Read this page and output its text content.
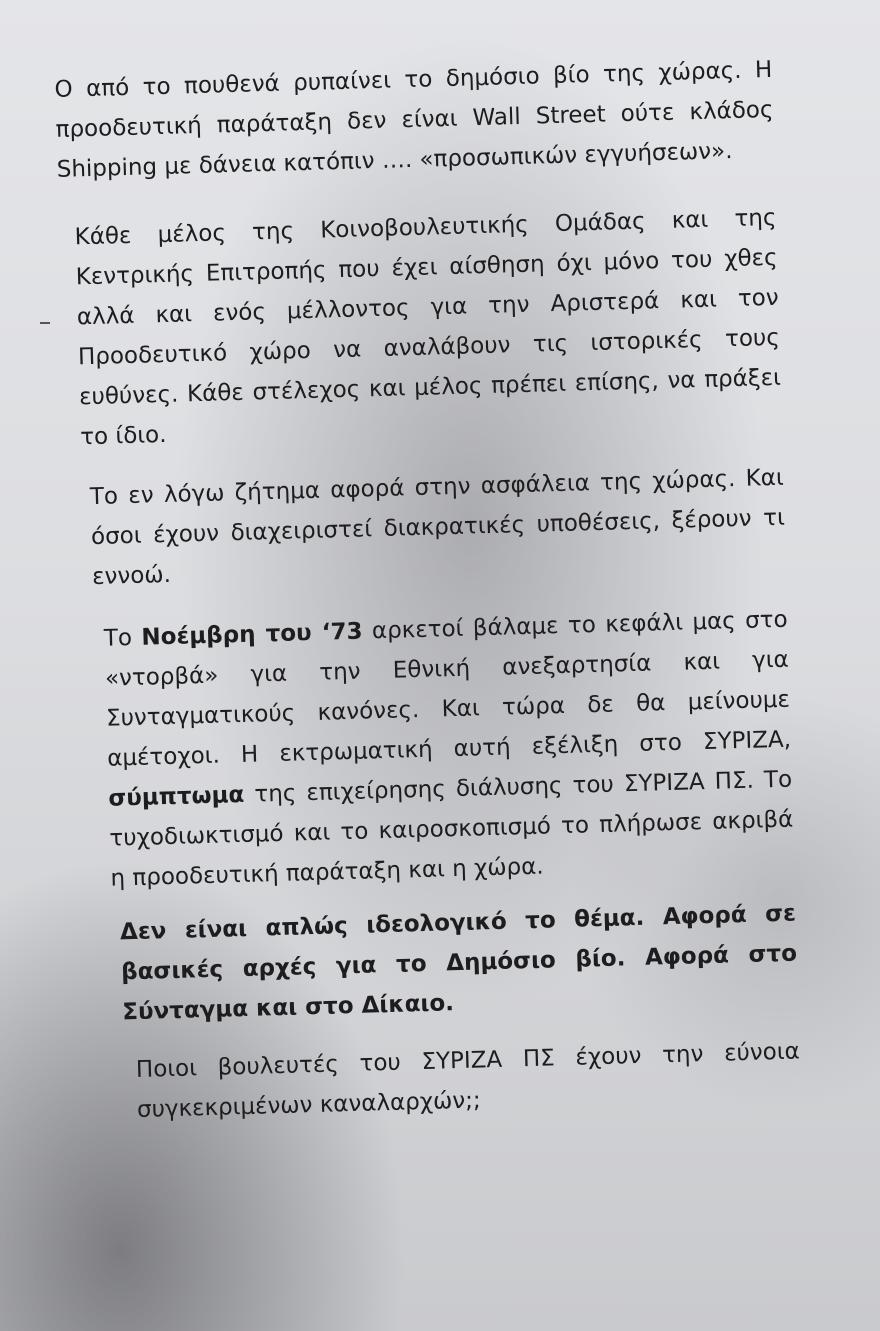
Ο από το πουθενά ρυπαίνει το δημόσιο βίο της χώρας. Η προοδευτική παράταξη δεν είναι Wall Street ούτε κλάδος Shipping με δάνεια κατόπιν …. «προσωπικών εγγυήσεων».

Κάθε μέλος της Κοινοβουλευτικής Ομάδας και της Κεντρικής Επιτροπής που έχει αίσθηση όχι μόνο του χθες αλλά και ενός μέλλοντος για την Αριστερά και τον Προοδευτικό χώρο να αναλάβουν τις ιστορικές τους ευθύνες. Κάθε στέλεχος και μέλος πρέπει επίσης, να πράξει το ίδιο.

Το εν λόγω ζήτημα αφορά στην ασφάλεια της χώρας. Και όσοι έχουν διαχειριστεί διακρατικές υποθέσεις, ξέρουν τι εννοώ.

Το Νοέμβρη του ‘73 αρκετοί βάλαμε το κεφάλι μας στο «ντορβά» για την Εθνική ανεξαρτησία και για Συνταγματικούς κανόνες. Και τώρα δε θα μείνουμε αμέτοχοι. Η εκτρωματική αυτή εξέλιξη στο ΣΥΡΙΖΑ, σύμπτωμα της επιχείρησης διάλυσης του ΣΥΡΙΖΑ ΠΣ. Το τυχοδιωκτισμό και το καιροσκοπισμό το πλήρωσε ακριβά η προοδευτική παράταξη και η χώρα.

Δεν είναι απλώς ιδεολογικό το θέμα. Αφορά σε βασικές αρχές για το Δημόσιο βίο. Αφορά στο Σύνταγμα και στο Δίκαιο.

Ποιοι βουλευτές του ΣΥΡΙΖΑ ΠΣ έχουν την εύνοια συγκεκριμένων καναλαρχών;;
